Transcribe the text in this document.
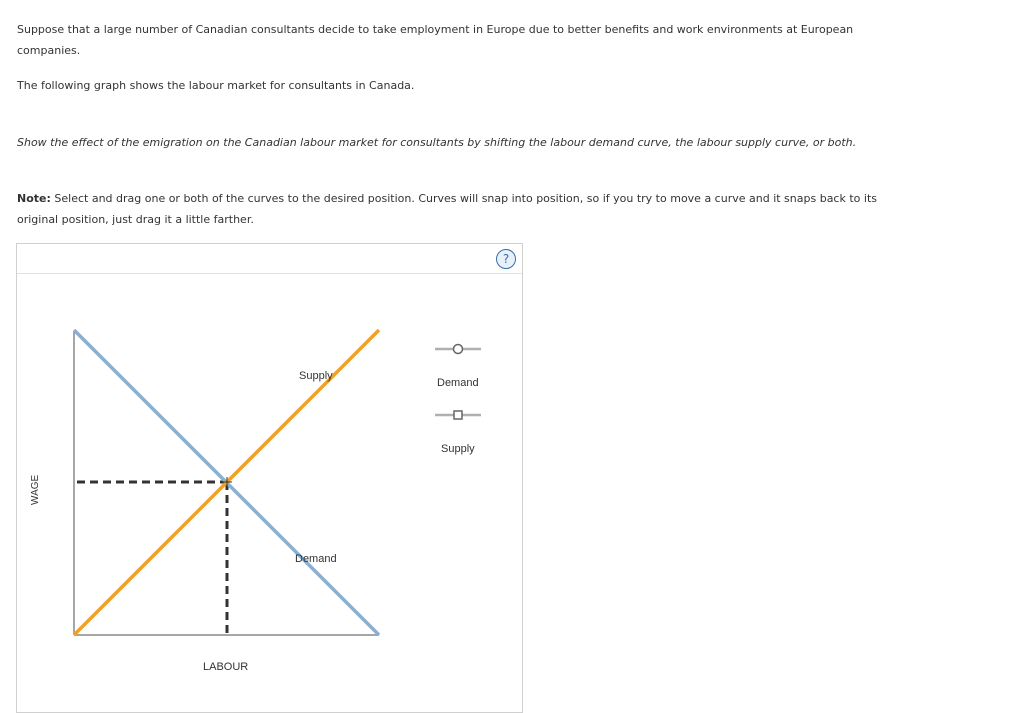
Suppose that a large number of Canadian consultants decide to take employment in Europe due to better benefits and work environments at European companies.

The following graph shows the labour market for consultants in Canada.

Show the effect of the emigration on the Canadian labour market for consultants by shifting the labour demand curve, the labour supply curve, or both.

Note: Select and drag one or both of the curves to the desired position. Curves will snap into position, so if you try to move a curve and it snaps back to its original position, just drag it a little farther.

?
Supply
Demand
WAGE
LABOUR
Demand
Supply
